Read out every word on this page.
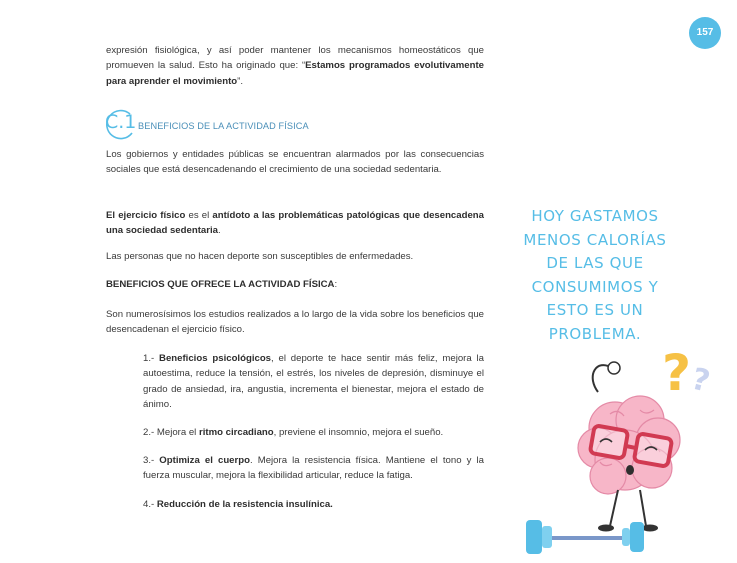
157

expresión fisiológica, y así poder mantener los mecanismos homeostáticos que promueven la salud. Esto ha originado que: “Estamos programados evolutivamente para aprender el movimiento”.

C.1 BENEFICIOS DE LA ACTIVIDAD FÍSICA

Los gobiernos y entidades públicas se encuentran alarmados por las consecuencias sociales que está desencadenando el crecimiento de una sociedad sedentaria.

El ejercicio físico es el antídoto a las problemáticas patológicas que desencadena una sociedad sedentaria.

Las personas que no hacen deporte son susceptibles de enfermedades.

BENEFICIOS QUE OFRECE LA ACTIVIDAD FÍSICA:

Son numerosísimos los estudios realizados a lo largo de la vida sobre los beneficios que desencadenan el ejercicio físico.

1.- Beneficios psicológicos, el deporte te hace sentir más feliz, mejora la autoestima, reduce la tensión, el estrés, los niveles de depresión, disminuye el grado de ansiedad, ira, angustia, incrementa el bienestar, mejora el estado de ánimo.

2.- Mejora el ritmo circadiano, previene el insomnio, mejora el sueño.

3.- Optimiza el cuerpo. Mejora la resistencia física. Mantiene el tono y la fuerza muscular, mejora la flexibilidad articular, reduce la fatiga.

4.- Reducción de la resistencia insulínica.

HOY GASTAMOS
MENOS CALORÍAS
DE LAS QUE
CONSUMIMOS Y
ESTO ES UN
PROBLEMA.
?
?
